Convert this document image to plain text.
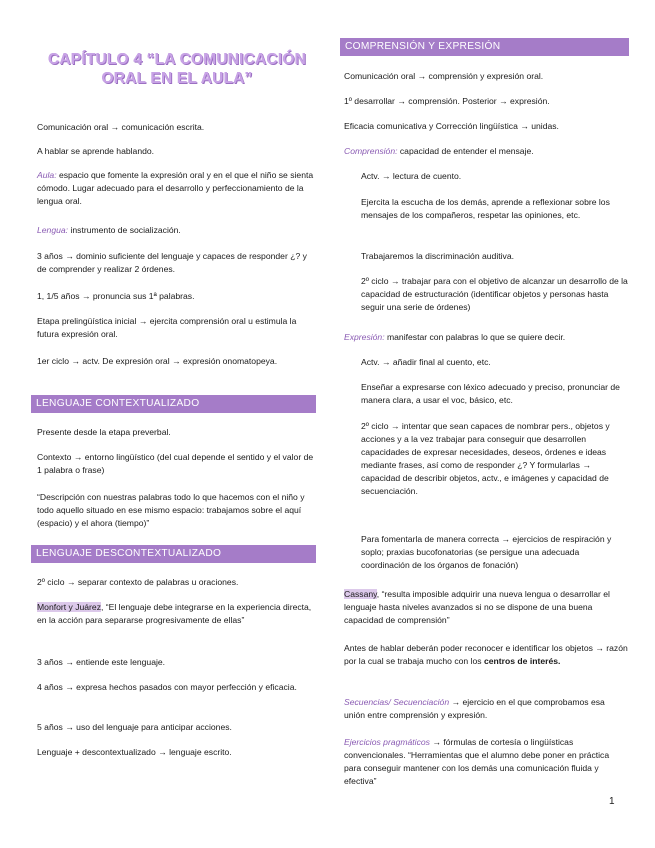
CAPÍTULO 4 “LA COMUNICACIÓN ORAL EN EL AULA”

Comunicación oral → comunicación escrita.

A hablar se aprende hablando.

Aula: espacio que fomente la expresión oral y en el que el niño se sienta cómodo. Lugar adecuado para el desarrollo y perfeccionamiento de la lengua oral.

Lengua: instrumento de socialización.

3 años → dominio suficiente del lenguaje y capaces de responder ¿? y de comprender y realizar 2 órdenes.

1, 1/5 años → pronuncia sus 1ª palabras.

Etapa prelingüística inicial → ejercita comprensión oral u estimula la futura expresión oral.

1er ciclo → actv. De expresión oral → expresión onomatopeya.

LENGUAJE CONTEXTUALIZADO

Presente desde la etapa preverbal.

Contexto → entorno lingüístico (del cual depende el sentido y el valor de 1 palabra o frase)

“Descripción con nuestras palabras todo lo que hacemos con el niño y todo aquello situado en ese mismo espacio: trabajamos sobre el aquí (espacio) y el ahora (tiempo)”

LENGUAJE DESCONTEXTUALIZADO

2º ciclo → separar contexto de palabras u oraciones.

Monfort y Juárez, “El lenguaje debe integrarse en la experiencia directa, en la acción para separarse progresivamente de ellas”

3 años → entiende este lenguaje.

4 años → expresa hechos pasados con mayor perfección y eficacia.

5 años → uso del lenguaje para anticipar acciones.

Lenguaje + descontextualizado → lenguaje escrito.

COMPRENSIÓN Y EXPRESIÓN

Comunicación oral → comprensión y expresión oral.

1º desarrollar → comprensión. Posterior → expresión.

Eficacia comunicativa y Corrección lingüística → unidas.

Comprensión: capacidad de entender el mensaje.

Actv. → lectura de cuento.

Ejercita la escucha de los demás, aprende a reflexionar sobre los mensajes de los compañeros, respetar las opiniones, etc.

Trabajaremos la discriminación auditiva.

2º ciclo → trabajar para con el objetivo de alcanzar un desarrollo de la capacidad de estructuración (identificar objetos y personas hasta seguir una serie de órdenes)

Expresión: manifestar con palabras lo que se quiere decir.

Actv. → añadir final al cuento, etc.

Enseñar a expresarse con léxico adecuado y preciso, pronunciar de manera clara, a usar el voc, básico, etc.

2º ciclo → intentar que sean capaces de nombrar pers., objetos y acciones y a la vez trabajar para conseguir que desarrollen capacidades de expresar necesidades, deseos, órdenes e ideas mediante frases, así como de responder ¿? Y formularlas → capacidad de describir objetos, actv., e imágenes y capacidad de secuenciación.

Para fomentarla de manera correcta → ejercicios de respiración y soplo; praxias bucofonatorias (se persigue una adecuada coordinación de los órganos de fonación)

Cassany, “resulta imposible adquirir una nueva lengua o desarrollar el lenguaje hasta niveles avanzados si no se dispone de una buena capacidad de comprensión”

Antes de hablar deberán poder reconocer e identificar los objetos → razón por la cual se trabaja mucho con los centros de interés.

Secuencias/ Secuenciación → ejercicio en el que comprobamos esa unión entre comprensión y expresión.

Ejercicios pragmáticos → fórmulas de cortesía o lingüísticas convencionales. “Herramientas que el alumno debe poner en práctica para conseguir mantener con los demás una comunicación fluida y efectiva”

1
